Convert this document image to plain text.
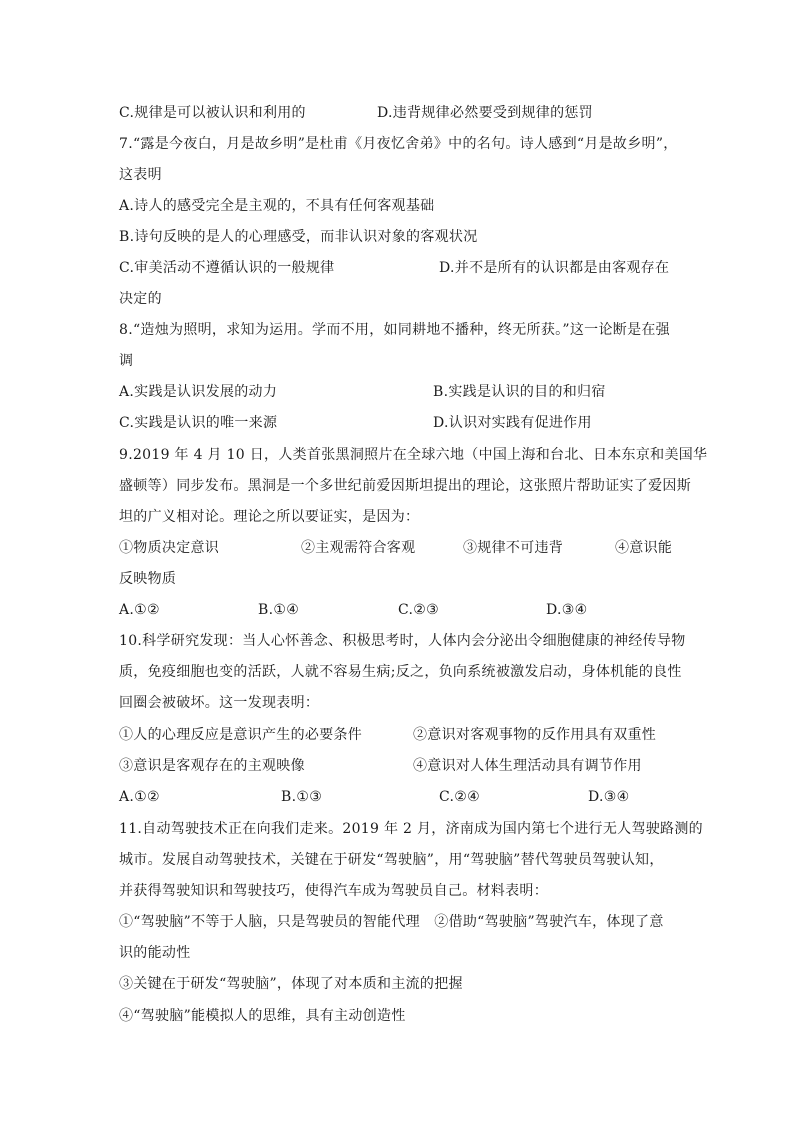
C.规律是可以被认识和利用的	D.违背规律必然要受到规律的惩罚
7.“露是今夜白，月是故乡明”是杜甫《月夜忆舍弟》中的名句。诗人感到“月是故乡明”，
这表明
A.诗人的感受完全是主观的，不具有任何客观基础
B.诗句反映的是人的心理感受，而非认识对象的客观状况
C.审美活动不遵循认识的一般规律	D.并不是所有的认识都是由客观存在
决定的
8.“造烛为照明，求知为运用。学而不用，如同耕地不播种，终无所获。”这一论断是在强
调
A.实践是认识发展的动力	B.实践是认识的目的和归宿
C.实践是认识的唯一来源	D.认识对实践有促进作用
9.2019 年 4 月 10 日，人类首张黑洞照片在全球六地（中国上海和台北、日本东京和美国华
盛顿等）同步发布。黑洞是一个多世纪前爱因斯坦提出的理论，这张照片帮助证实了爱因斯
坦的广义相对论。理论之所以要证实，是因为：
①物质决定意识	②主观需符合客观	③规律不可违背	④意识能
反映物质
A.①②	B.①④	C.②③	D.③④
10.科学研究发现：当人心怀善念、积极思考时，人体内会分泌出令细胞健康的神经传导物
质，免疫细胞也变的活跃，人就不容易生病;反之，负向系统被激发启动，身体机能的良性
回圈会被破坏。这一发现表明：
①人的心理反应是意识产生的必要条件	②意识对客观事物的反作用具有双重性
③意识是客观存在的主观映像	④意识对人体生理活动具有调节作用
A.①②	B.①③	C.②④	D.③④
11.自动驾驶技术正在向我们走来。2019 年 2 月，济南成为国内第七个进行无人驾驶路测的
城市。发展自动驾驶技术，关键在于研发“驾驶脑”，用“驾驶脑”替代驾驶员驾驶认知，
并获得驾驶知识和驾驶技巧，使得汽车成为驾驶员自己。材料表明：
①“驾驶脑”不等于人脑，只是驾驶员的智能代理　②借助“驾驶脑”驾驶汽车，体现了意
识的能动性
③关键在于研发“驾驶脑”，体现了对本质和主流的把握
④“驾驶脑”能模拟人的思维，具有主动创造性
